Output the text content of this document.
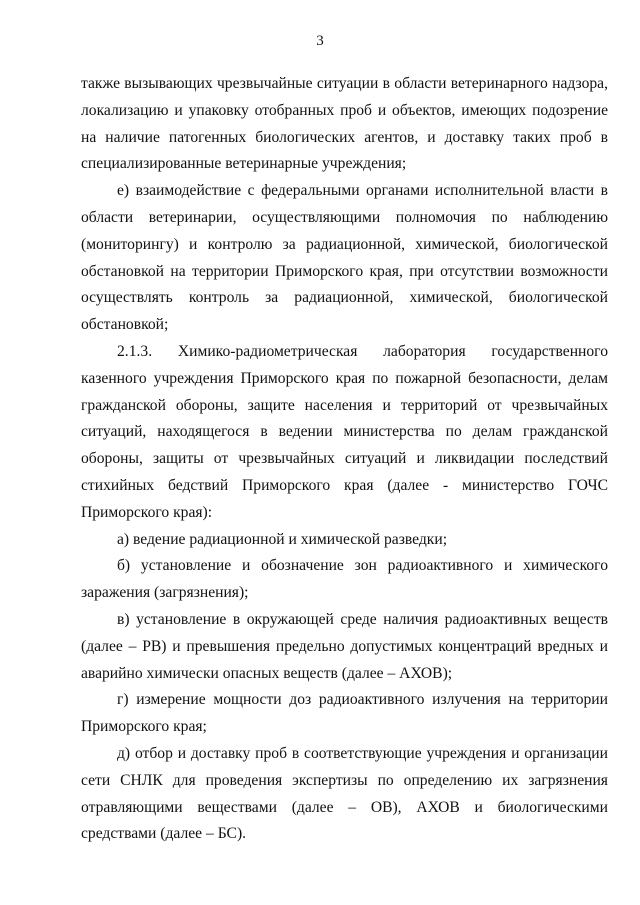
3

также вызывающих чрезвычайные ситуации в области ветеринарного надзора, локализацию и упаковку отобранных проб и объектов, имеющих подозрение на наличие патогенных биологических агентов, и доставку таких проб в специализированные ветеринарные учреждения;

е) взаимодействие с федеральными органами исполнительной власти в области ветеринарии, осуществляющими полномочия по наблюдению (мониторингу) и контролю за радиационной, химической, биологической обстановкой на территории Приморского края, при отсутствии возможности осуществлять контроль за радиационной, химической, биологической обстановкой;

2.1.3. Химико-радиометрическая лаборатория государственного казенного учреждения Приморского края по пожарной безопасности, делам гражданской обороны, защите населения и территорий от чрезвычайных ситуаций, находящегося в ведении министерства по делам гражданской обороны, защиты от чрезвычайных ситуаций и ликвидации последствий стихийных бедствий Приморского края (далее - министерство ГОЧС Приморского края):

а) ведение радиационной и химической разведки;

б) установление и обозначение зон радиоактивного и химического заражения (загрязнения);

в) установление в окружающей среде наличия радиоактивных веществ (далее – РВ) и превышения предельно допустимых концентраций вредных и аварийно химически опасных веществ (далее – АХОВ);

г) измерение мощности доз радиоактивного излучения на территории Приморского края;

д) отбор и доставку проб в соответствующие учреждения и организации сети СНЛК для проведения экспертизы по определению их загрязнения отравляющими веществами (далее – ОВ), АХОВ и биологическими средствами (далее – БС).
